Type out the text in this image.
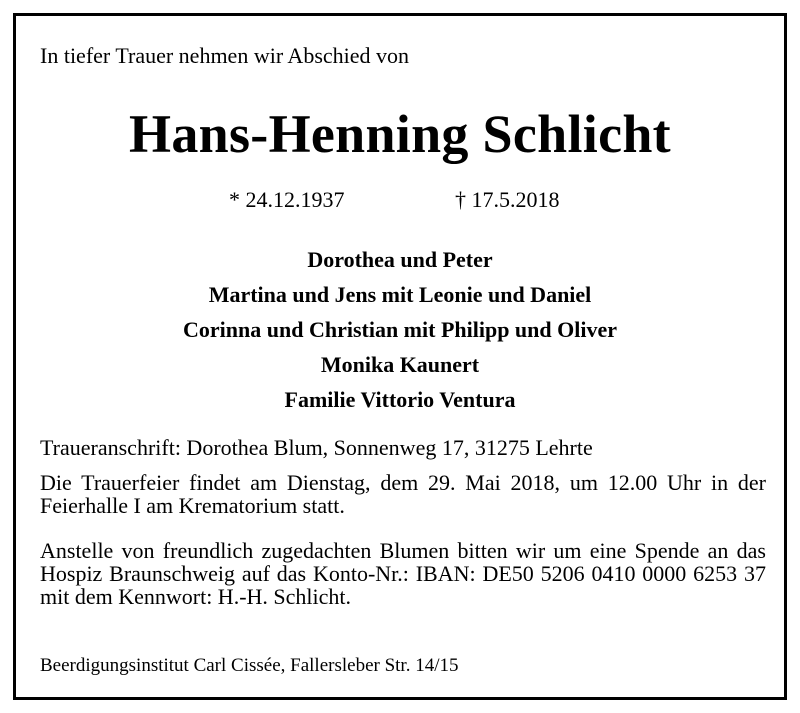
In tiefer Trauer nehmen wir Abschied von
Hans-Henning Schlicht
* 24.12.1937	† 17.5.2018
Dorothea und Peter
Martina und Jens mit Leonie und Daniel
Corinna und Christian mit Philipp und Oliver
Monika Kaunert
Familie Vittorio Ventura
Traueranschrift: Dorothea Blum, Sonnenweg 17, 31275 Lehrte
Die Trauerfeier findet am Dienstag, dem 29. Mai 2018, um 12.00 Uhr in der Feierhalle I am Krematorium statt.
Anstelle von freundlich zugedachten Blumen bitten wir um eine Spende an das Hospiz Braunschweig auf das Konto-Nr.: IBAN: DE50 5206 0410 0000 6253 37 mit dem Kennwort: H.-H. Schlicht.
Beerdigungsinstitut Carl Cissée, Fallersleber Str. 14/15
